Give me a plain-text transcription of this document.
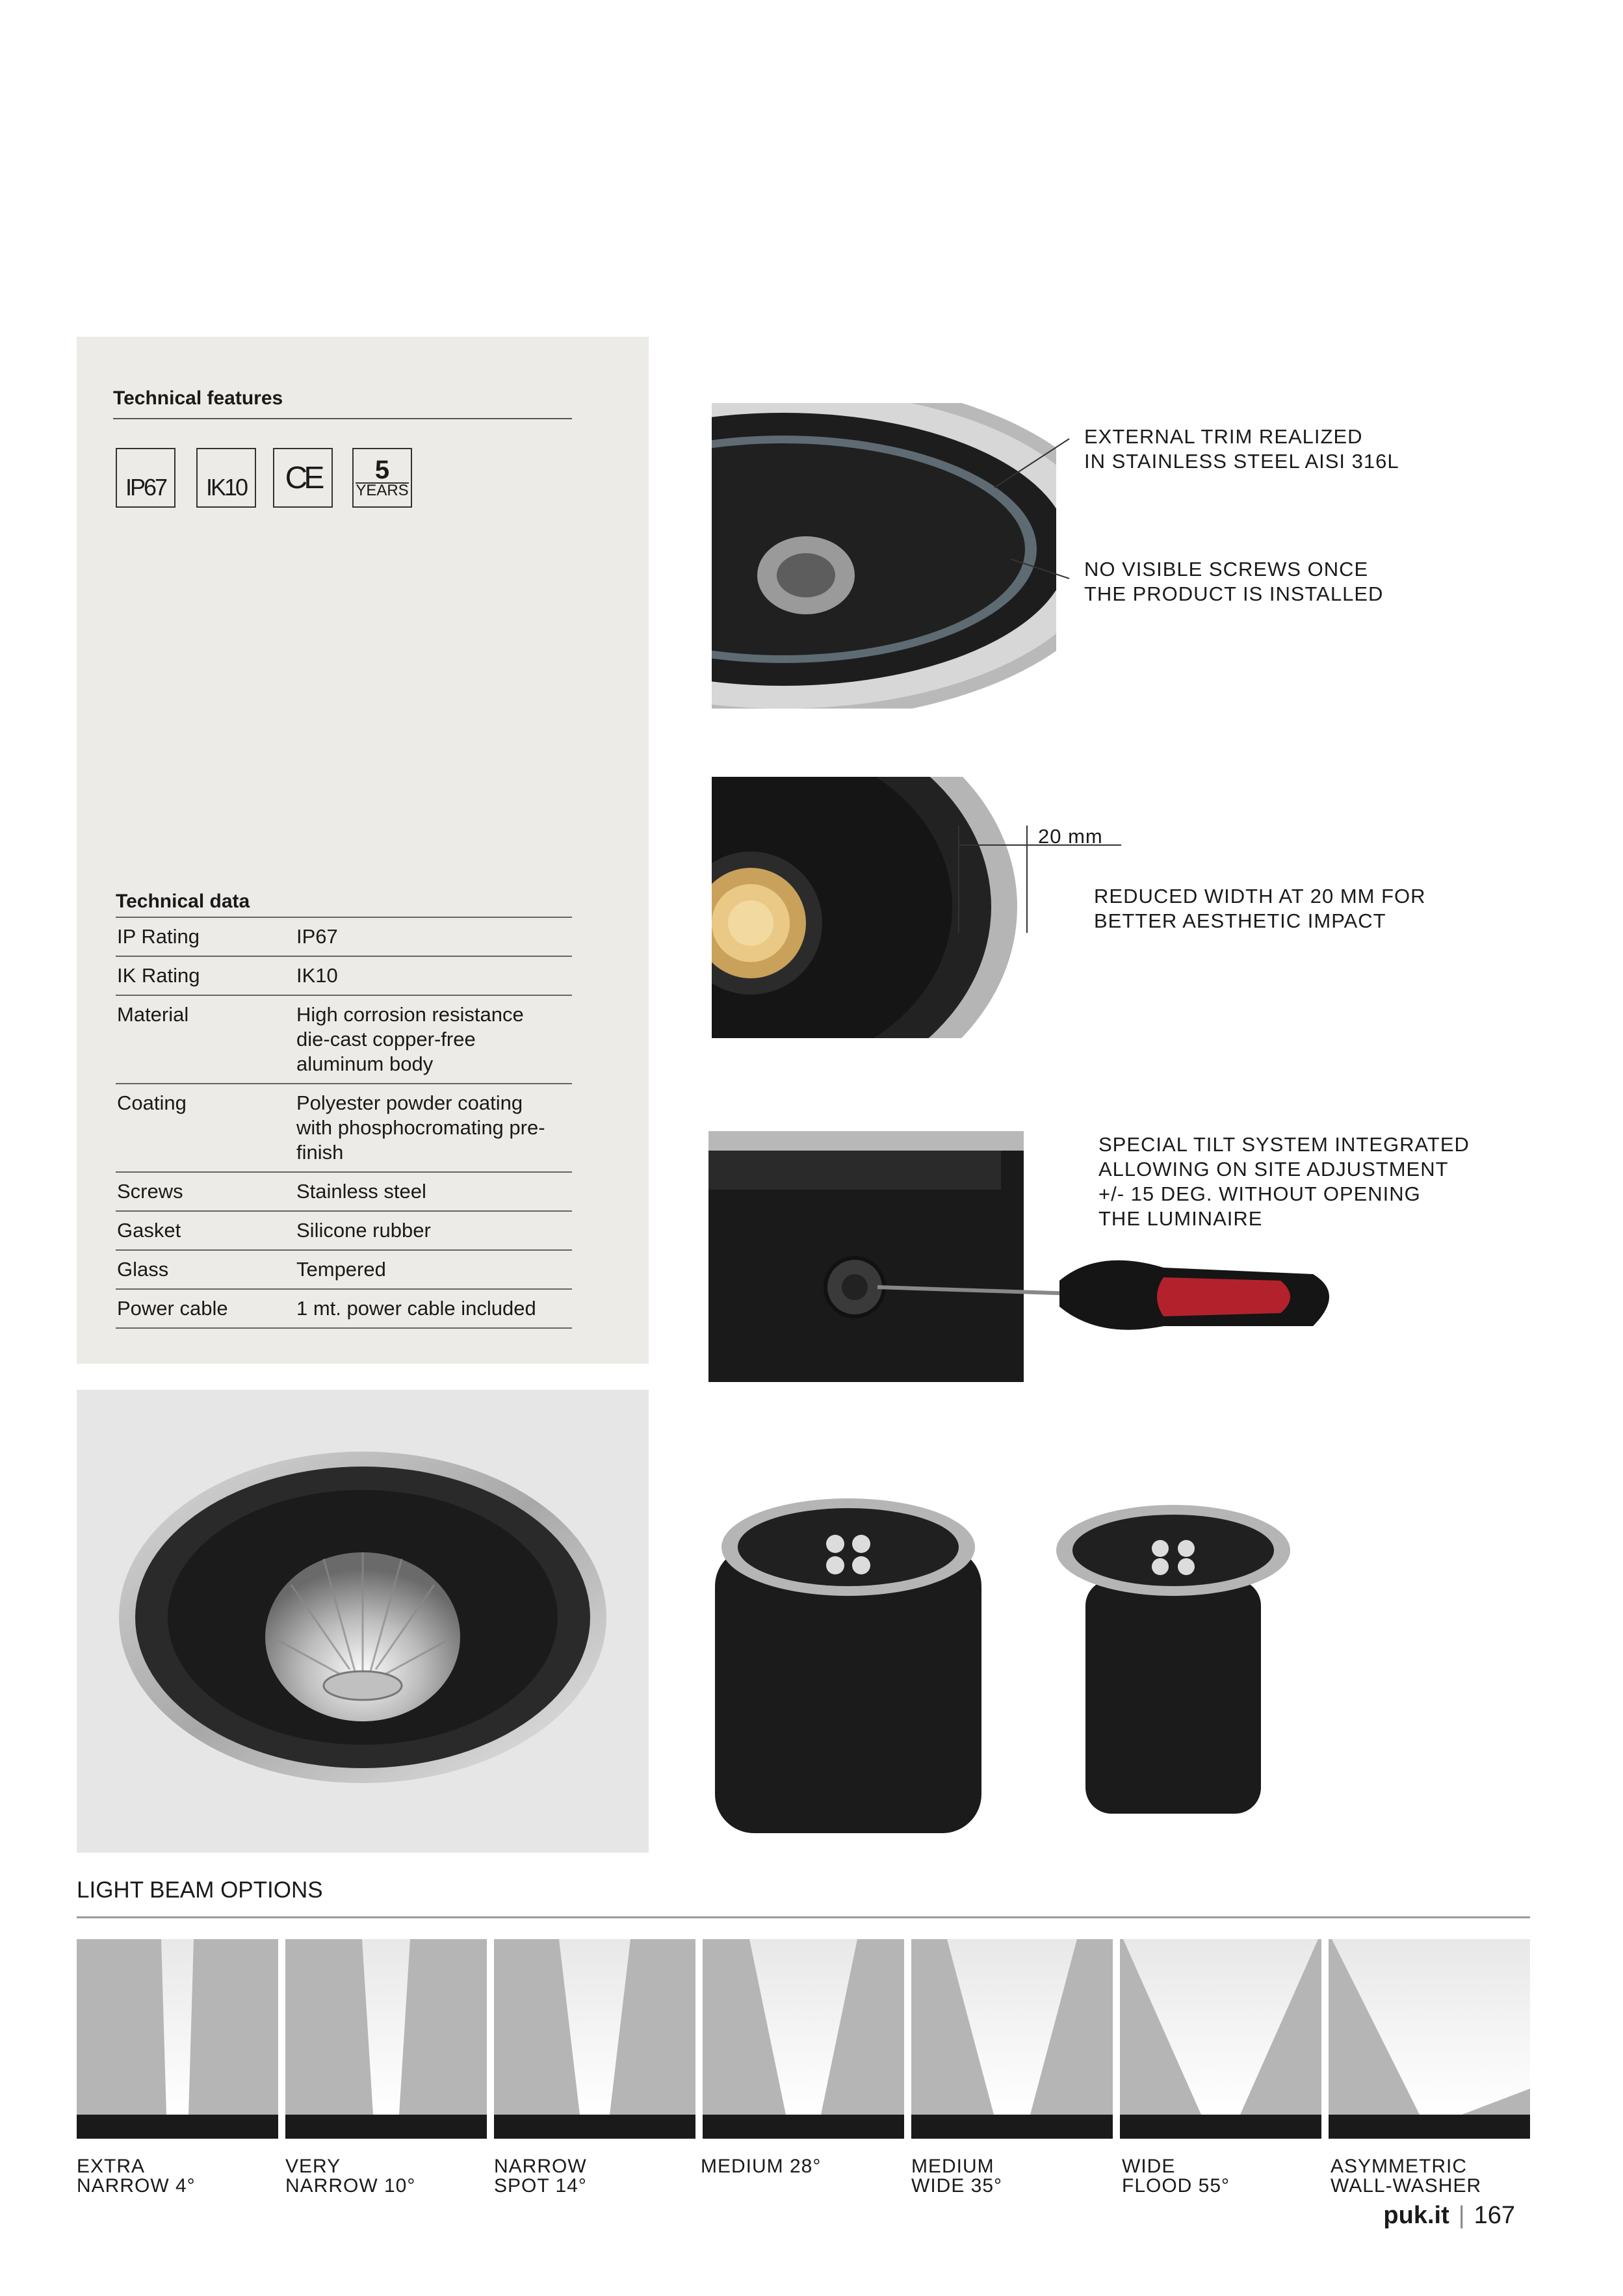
Technical features
IP67 IK10 CE 5
YEARS
Technical data
IP Rating	IP67
IK Rating	IK10
Material	High corrosion resistance die-cast copper-free aluminum body
Coating	Polyester powder coating with phosphocromating pre-finish
Screws	Stainless steel
Gasket	Silicone rubber
Glass	Tempered
Power cable	1 mt. power cable included
EXTERNAL TRIM REALIZED
IN STAINLESS STEEL AISI 316L
NO VISIBLE SCREWS ONCE
THE PRODUCT IS INSTALLED
20 mm
REDUCED WIDTH AT 20 MM FOR
BETTER AESTHETIC IMPACT
SPECIAL TILT SYSTEM INTEGRATED
ALLOWING ON SITE ADJUSTMENT
+/- 15 DEG. WITHOUT OPENING
THE LUMINAIRE
LIGHT BEAM OPTIONS
EXTRA
NARROW 4°
VERY
NARROW 10°
NARROW
SPOT 14°
MEDIUM 28°	MEDIUM
WIDE 35°
WIDE
FLOOD 55°
ASYMMETRIC
WALL-WASHER
puk.it | 167
